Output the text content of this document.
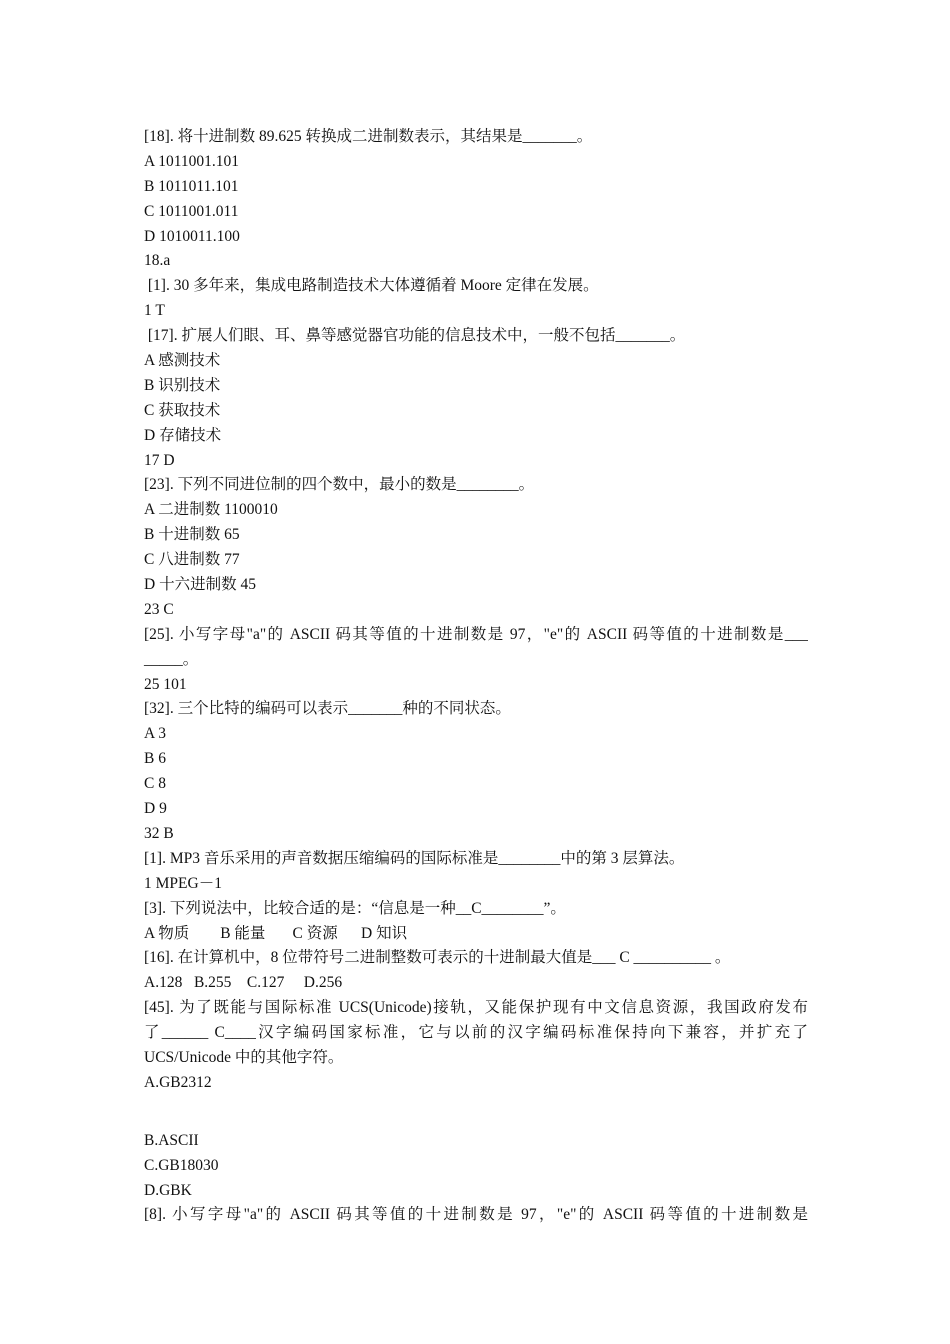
[18]. 将十进制数 89.625 转换成二进制数表示，其结果是_______。
A 1011001.101
B 1011011.101
C 1011001.011
D 1010011.100
18.a
[1]. 30 多年来，集成电路制造技术大体遵循着 Moore 定律在发展。
1 T
[17]. 扩展人们眼、耳、鼻等感觉器官功能的信息技术中，一般不包括_______。
A 感测技术
B 识别技术
C 获取技术
D 存储技术
17 D
[23]. 下列不同进位制的四个数中，最小的数是________。
A 二进制数 1100010
B 十进制数 65
C 八进制数 77
D 十六进制数 45
23 C
[25]. 小写字母"a"的 ASCII 码其等值的十进制数是 97，"e"的 ASCII 码等值的十进制数是___
_____。
25 101
[32]. 三个比特的编码可以表示_______种的不同状态。
A 3
B 6
C 8
D 9
32 B
[1]. MP3 音乐采用的声音数据压缩编码的国际标准是________中的第 3 层算法。
1 MPEG－1
[3]. 下列说法中，比较合适的是：“信息是一种__C________”。
A 物质        B 能量       C 资源      D 知识
[16]. 在计算机中，8 位带符号二进制整数可表示的十进制最大值是___ C __________ 。
A.128   B.255    C.127     D.256
[45]. 为了既能与国际标准 UCS(Unicode)接轨，又能保护现有中文信息资源，我国政府发布
了______ C____汉字编码国家标准，它与以前的汉字编码标准保持向下兼容，并扩充了
UCS/Unicode 中的其他字符。
A.GB2312
B.ASCII
C.GB18030
D.GBK
[8]. 小写字母"a"的 ASCII 码其等值的十进制数是 97，"e"的 ASCII 码等值的十进制数是
